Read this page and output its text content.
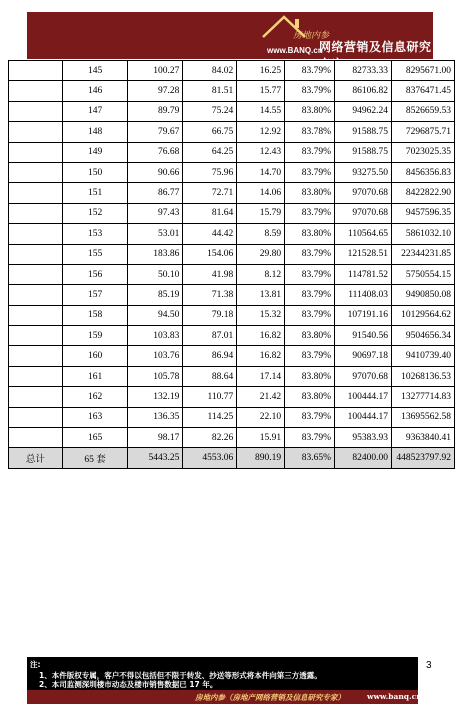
房地内参
www.BANQ.cn
网络营销及信息研究专家
	145	100.27	84.02	16.25	83.79%	82733.33	8295671.00
	146	97.28	81.51	15.77	83.79%	86106.82	8376471.45
	147	89.79	75.24	14.55	83.80%	94962.24	8526659.53
	148	79.67	66.75	12.92	83.78%	91588.75	7296875.71
	149	76.68	64.25	12.43	83.79%	91588.75	7023025.35
	150	90.66	75.96	14.70	83.79%	93275.50	8456356.83
	151	86.77	72.71	14.06	83.80%	97070.68	8422822.90
	152	97.43	81.64	15.79	83.79%	97070.68	9457596.35
	153	53.01	44.42	8.59	83.80%	110564.65	5861032.10
	155	183.86	154.06	29.80	83.79%	121528.51	22344231.85
	156	50.10	41.98	8.12	83.79%	114781.52	5750554.15
	157	85.19	71.38	13.81	83.79%	111408.03	9490850.08
	158	94.50	79.18	15.32	83.79%	107191.16	10129564.62
	159	103.83	87.01	16.82	83.80%	91540.56	9504656.34
	160	103.76	86.94	16.82	83.79%	90697.18	9410739.40
	161	105.78	88.64	17.14	83.80%	97070.68	10268136.53
	162	132.19	110.77	21.42	83.80%	100444.17	13277714.83
	163	136.35	114.25	22.10	83.79%	100444.17	13695562.58
	165	98.17	82.26	15.91	83.79%	95383.93	9363840.41
总计	65 套	5443.25	4553.06	890.19	83.65%	82400.00	448523797.92
注:
1、本件版权专属，客户不得以包括但不限于转发、抄送等形式将本件向第三方透露。
2、本司监测深圳楼市动态及楼市销售数据已 17 年。
房地内参（房地产网络营销及信息研究专家）	www.banq.cn
3
